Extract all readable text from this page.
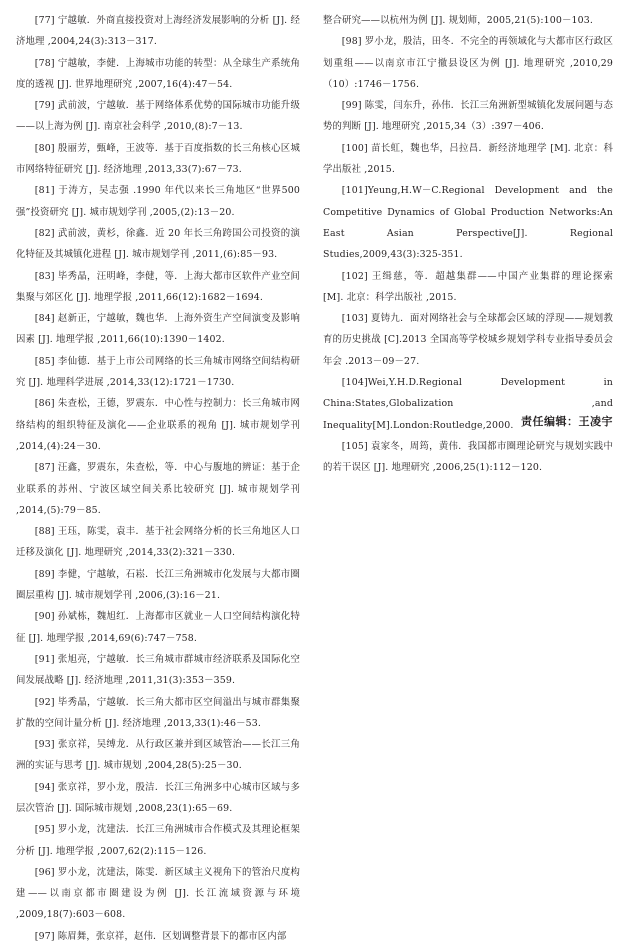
[77] 宁越敏．外商直接投资对上海经济发展影响的分析 [J]. 经济地理 ,2004,24(3):313－317.

[78] 宁越敏，李健．上海城市功能的转型：从全球生产系统角度的透视 [J]. 世界地理研究 ,2007,16(4):47－54.

[79] 武前波，宁越敏．基于网络体系优势的国际城市功能升级——以上海为例 [J]. 南京社会科学 ,2010,(8):7－13.

[80] 殷丽芳，甄峰，王波等．基于百度指数的长三角核心区城市网络特征研究 [J]. 经济地理 ,2013,33(7):67－73.

[81] 于涛方，吴志强 .1990 年代以来长三角地区“世界500强”投资研究 [J]. 城市规划学刊 ,2005,(2):13－20.

[82] 武前波，黄杉，徐鑫．近 20 年长三角跨国公司投资的演化特征及其城镇化进程 [J]. 城市规划学刊 ,2011,(6):85－93.

[83] 毕秀晶，汪明峰，李健，等．上海大都市区软件产业空间集聚与郊区化 [J]. 地理学报 ,2011,66(12):1682－1694.

[84] 赵新正，宁越敏，魏也华．上海外资生产空间演变及影响因素 [J]. 地理学报 ,2011,66(10):1390－1402.

[85] 李仙德．基于上市公司网络的长三角城市网络空间结构研究 [J]. 地理科学进展 ,2014,33(12):1721－1730.

[86] 朱查松，王德，罗震东．中心性与控制力：长三角城市网络结构的组织特征及演化——企业联系的视角 [J]. 城市规划学刊 ,2014,(4):24－30.

[87] 汪鑫，罗震东，朱查松，等．中心与腹地的辨证：基于企业联系的苏州、宁波区域空间关系比较研究 [J]. 城市规划学刊 ,2014,(5):79－85.

[88] 王珏，陈雯，袁丰．基于社会网络分析的长三角地区人口迁移及演化 [J]. 地理研究 ,2014,33(2):321－330.

[89] 李健，宁越敏，石崧．长江三角洲城市化发展与大都市圈圈层重构 [J]. 城市规划学刊 ,2006,(3):16－21.

[90] 孙斌栋，魏旭红．上海都市区就业－人口空间结构演化特征 [J]. 地理学报 ,2014,69(6):747－758.

[91] 张旭亮，宁越敏．长三角城市群城市经济联系及国际化空间发展战略 [J]. 经济地理 ,2011,31(3):353－359.

[92] 毕秀晶，宁越敏．长三角大都市区空间溢出与城市群集聚扩散的空间计量分析 [J]. 经济地理 ,2013,33(1):46－53.

[93] 张京祥，吴缚龙．从行政区兼并到区域管治——长江三角洲的实证与思考 [J]. 城市规划 ,2004,28(5):25－30.

[94] 张京祥，罗小龙，殷洁．长江三角洲多中心城市区域与多层次管治 [J]. 国际城市规划 ,2008,23(1):65－69.

[95] 罗小龙，沈建法．长江三角洲城市合作模式及其理论框架分析 [J]. 地理学报 ,2007,62(2):115－126.

[96] 罗小龙，沈建法，陈雯．新区域主义视角下的管治尺度构建——以南京都市圈建设为例 [J]. 长江流域资源与环境 ,2009,18(7):603－608.

[97] 陈眉舞，张京祥，赵伟．区划调整背景下的都市区内部

整合研究——以杭州为例 [J]. 规划师，2005,21(5):100－103.

[98] 罗小龙，殷洁，田冬．不完全的再领域化与大都市区行政区划重组——以南京市江宁撤县设区为例 [J]. 地理研究 ,2010,29（10）:1746－1756.

[99] 陈雯，闫东升，孙伟．长江三角洲新型城镇化发展问题与态势的判断 [J]. 地理研究 ,2015,34（3）:397－406.

[100] 苗长虹，魏也华，吕拉昌．新经济地理学 [M]. 北京：科学出版社 ,2015.

[101]Yeung,H.W－C.Regional Development and the Competitive Dynamics of Global Production Networks:An East Asian Perspective[J]. Regional Studies,2009,43(3):325-351.

[102] 王缉慈，等．超越集群——中国产业集群的理论探索 [M]. 北京：科学出版社 ,2015.

[103] 夏铸九．面对网络社会与全球都会区域的浮现——规划教育的历史挑战 [C].2013 全国高等学校城乡规划学科专业指导委员会年会 .2013－09－27.

[104]Wei,Y.H.D.Regional Development in China:States,Globalization ,and Inequality[M].London:Routledge,2000.

[105] 袁家冬，周筠，黄伟．我国都市圈理论研究与规划实践中的若干误区 [J]. 地理研究 ,2006,25(1):112－120.

责任编辑：王凌宇
